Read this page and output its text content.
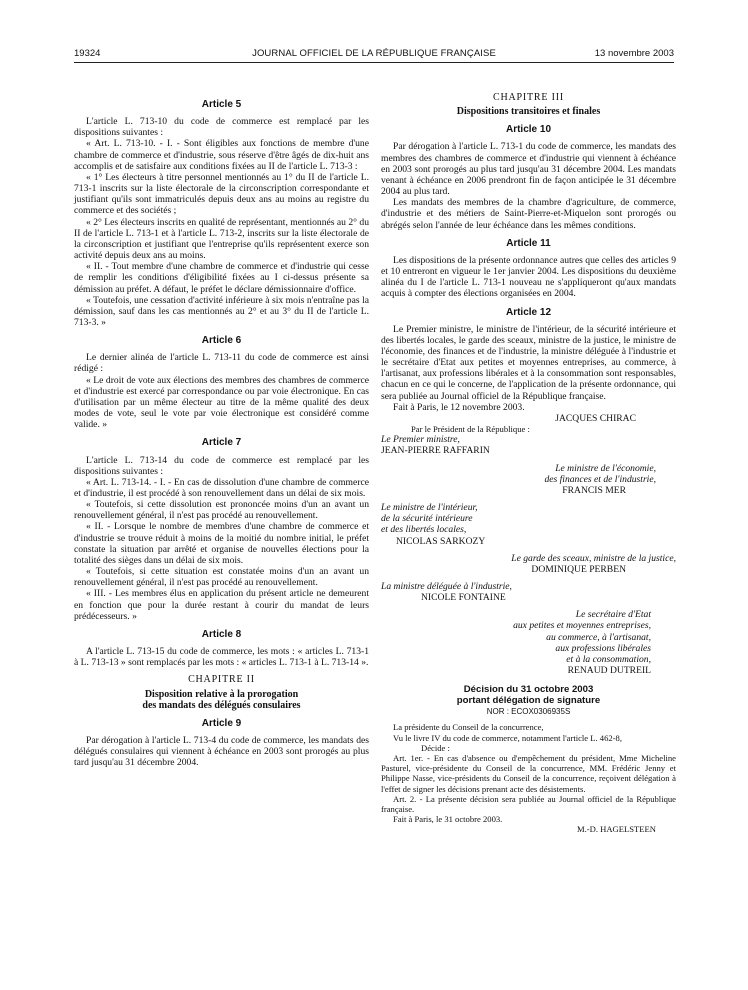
19324	JOURNAL OFFICIEL DE LA RÉPUBLIQUE FRANÇAISE	13 novembre 2003

Article 5

L'article L. 713-10 du code de commerce est remplacé par les dispositions suivantes :

« Art. L. 713-10. - I. - Sont éligibles aux fonctions de membre d'une chambre de commerce et d'industrie, sous réserve d'être âgés de dix-huit ans accomplis et de satisfaire aux conditions fixées au II de l'article L. 713-3 :

« 1° Les électeurs à titre personnel mentionnés au 1° du II de l'article L. 713-1 inscrits sur la liste électorale de la circonscription correspondante et justifiant qu'ils sont immatriculés depuis deux ans au moins au registre du commerce et des sociétés ;

« 2° Les électeurs inscrits en qualité de représentant, mentionnés au 2° du II de l'article L. 713-1 et à l'article L. 713-2, inscrits sur la liste électorale de la circonscription et justifiant que l'entreprise qu'ils représentent exerce son activité depuis deux ans au moins.

« II. - Tout membre d'une chambre de commerce et d'industrie qui cesse de remplir les conditions d'éligibilité fixées au I ci-dessus présente sa démission au préfet. A défaut, le préfet le déclare démissionnaire d'office.

« Toutefois, une cessation d'activité inférieure à six mois n'entraîne pas la démission, sauf dans les cas mentionnés au 2° et au 3° du II de l'article L. 713-3. »

Article 6

Le dernier alinéa de l'article L. 713-11 du code de commerce est ainsi rédigé :

« Le droit de vote aux élections des membres des chambres de commerce et d'industrie est exercé par correspondance ou par voie électronique. En cas d'utilisation par un même électeur au titre de la même qualité des deux modes de vote, seul le vote par voie électronique est considéré comme valide. »

Article 7

L'article L. 713-14 du code de commerce est remplacé par les dispositions suivantes :

« Art. L. 713-14. - I. - En cas de dissolution d'une chambre de commerce et d'industrie, il est procédé à son renouvellement dans un délai de six mois.

« Toutefois, si cette dissolution est prononcée moins d'un an avant un renouvellement général, il n'est pas procédé au renouvellement.

« II. - Lorsque le nombre de membres d'une chambre de commerce et d'industrie se trouve réduit à moins de la moitié du nombre initial, le préfet constate la situation par arrêté et organise de nouvelles élections pour la totalité des sièges dans un délai de six mois.

« Toutefois, si cette situation est constatée moins d'un an avant un renouvellement général, il n'est pas procédé au renouvellement.

« III. - Les membres élus en application du présent article ne demeurent en fonction que pour la durée restant à courir du mandat de leurs prédécesseurs. »

Article 8

A l'article L. 713-15 du code de commerce, les mots : « articles L. 713-1 à L. 713-13 » sont remplacés par les mots : « articles L. 713-1 à L. 713-14 ».

CHAPITRE II

Disposition relative à la prorogation
des mandats des délégués consulaires

Article 9

Par dérogation à l'article L. 713-4 du code de commerce, les mandats des délégués consulaires qui viennent à échéance en 2003 sont prorogés au plus tard jusqu'au 31 décembre 2004.

CHAPITRE III

Dispositions transitoires et finales

Article 10

Par dérogation à l'article L. 713-1 du code de commerce, les mandats des membres des chambres de commerce et d'industrie qui viennent à échéance en 2003 sont prorogés au plus tard jusqu'au 31 décembre 2004. Les mandats venant à échéance en 2006 prendront fin de façon anticipée le 31 décembre 2004 au plus tard.

Les mandats des membres de la chambre d'agriculture, de commerce, d'industrie et des métiers de Saint-Pierre-et-Miquelon sont prorogés ou abrégés selon l'année de leur échéance dans les mêmes conditions.

Article 11

Les dispositions de la présente ordonnance autres que celles des articles 9 et 10 entreront en vigueur le 1er janvier 2004. Les dispositions du deuxième alinéa du I de l'article L. 713-1 nouveau ne s'appliqueront qu'aux mandats acquis à compter des élections organisées en 2004.

Article 12

Le Premier ministre, le ministre de l'intérieur, de la sécurité intérieure et des libertés locales, le garde des sceaux, ministre de la justice, le ministre de l'économie, des finances et de l'industrie, la ministre déléguée à l'industrie et le secrétaire d'Etat aux petites et moyennes entreprises, au commerce, à l'artisanat, aux professions libérales et à la consommation sont responsables, chacun en ce qui le concerne, de l'application de la présente ordonnance, qui sera publiée au Journal officiel de la République française.

Fait à Paris, le 12 novembre 2003.

JACQUES CHIRAC

Par le Président de la République :

Le Premier ministre,
JEAN-PIERRE RAFFARIN
Le ministre de l'économie,
des finances et de l'industrie,
FRANCIS MER
Le ministre de l'intérieur,
de la sécurité intérieure
et des libertés locales,
NICOLAS SARKOZY
Le garde des sceaux, ministre de la justice,
DOMINIQUE PERBEN
La ministre déléguée à l'industrie,
NICOLE FONTAINE
Le secrétaire d'Etat
aux petites et moyennes entreprises,
au commerce, à l'artisanat,
aux professions libérales
et à la consommation,
RENAUD DUTREIL

Décision du 31 octobre 2003
portant délégation de signature

NOR : ECOX0306935S

La présidente du Conseil de la concurrence,

Vu le livre IV du code de commerce, notamment l'article L. 462-8,

Décide :

Art. 1er. - En cas d'absence ou d'empêchement du président, Mme Micheline Pasturel, vice-présidente du Conseil de la concurrence, MM. Frédéric Jenny et Philippe Nasse, vice-présidents du Conseil de la concurrence, reçoivent délégation à l'effet de signer les décisions prenant acte des désistements.

Art. 2. - La présente décision sera publiée au Journal officiel de la République française.

Fait à Paris, le 31 octobre 2003.

M.-D. HAGELSTEEN
